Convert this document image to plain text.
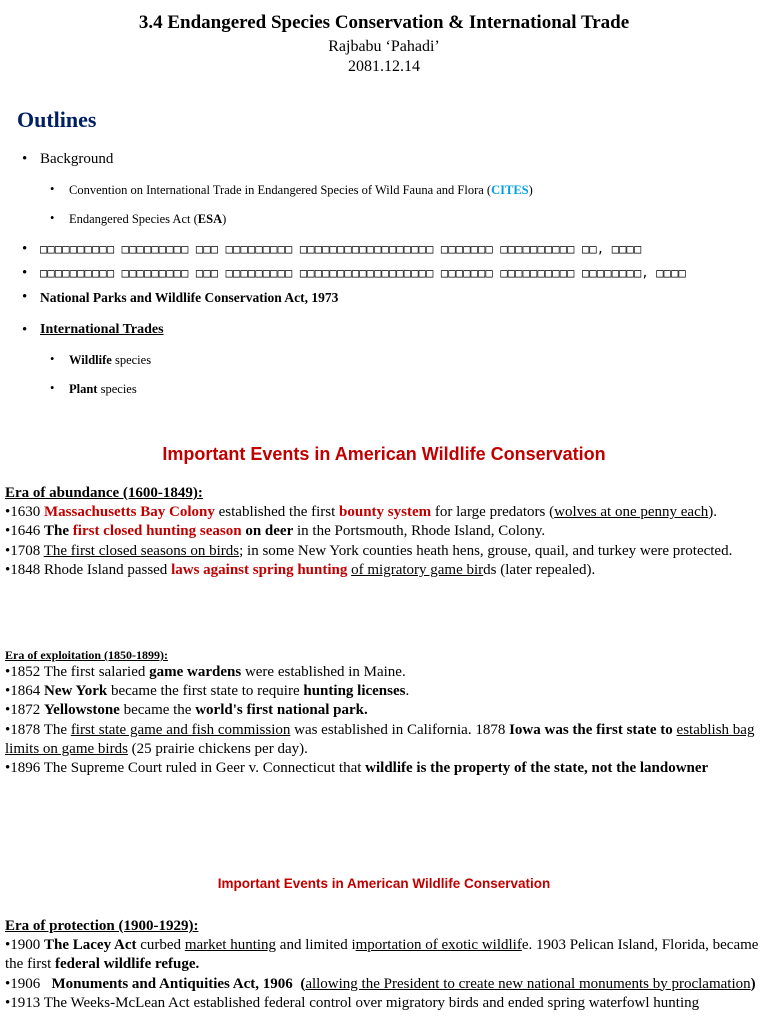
3.4 Endangered Species Conservation & International Trade
Rajbabu ‘Pahadi’
2081.12.14
Outlines
• Background
• Convention on International Trade in Endangered Species of Wild Fauna and Flora (CITES)
• Endangered Species Act (ESA)
• □□□□□□□□□□ □□□□□□□□□ □□□ □□□□□□□□□ □□□□□□□□□□□□□□□□□□ □□□□□□□ □□□□□□□□□□ □□, □□□□
• □□□□□□□□□□ □□□□□□□□□ □□□ □□□□□□□□□ □□□□□□□□□□□□□□□□□□ □□□□□□□ □□□□□□□□□□ □□□□□□□□, □□□□
• National Parks and Wildlife Conservation Act, 1973
• International Trades
• Wildlife species
• Plant species
Important Events in American Wildlife Conservation
Era of abundance (1600-1849):
•1630 Massachusetts Bay Colony established the first bounty system for large predators (wolves at one penny each).
•1646 The first closed hunting season on deer in the Portsmouth, Rhode Island, Colony.
•1708 The first closed seasons on birds; in some New York counties heath hens, grouse, quail, and turkey were protected.
•1848 Rhode Island passed laws against spring hunting of migratory game birds (later repealed).
Era of exploitation (1850-1899):
•1852 The first salaried game wardens were established in Maine.
•1864 New York became the first state to require hunting licenses.
•1872 Yellowstone became the world's first national park.
•1878 The first state game and fish commission was established in California. 1878 Iowa was the first state to establish bag limits on game birds (25 prairie chickens per day).
•1896 The Supreme Court ruled in Geer v. Connecticut that wildlife is the property of the state, not the landowner
Important Events in American Wildlife Conservation
Era of protection (1900-1929):
•1900 The Lacey Act curbed market hunting and limited importation of exotic wildlife. 1903 Pelican Island, Florida, became the first federal wildlife refuge.
•1906   Monuments and Antiquities Act, 1906  (allowing the President to create new national monuments by proclamation)
•1913 The Weeks-McLean Act established federal control over migratory birds and ended spring waterfowl hunting
